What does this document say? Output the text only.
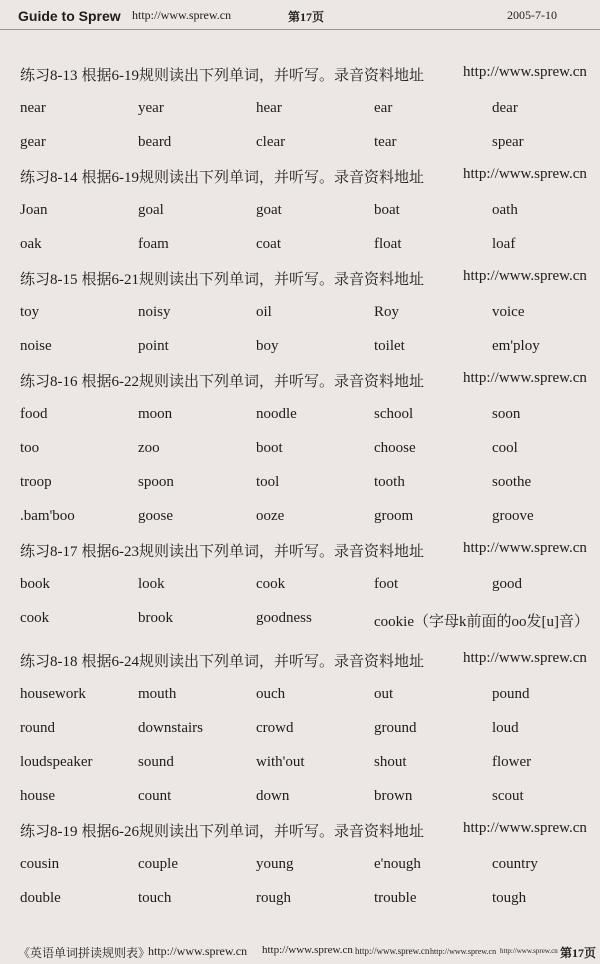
Guide to Sprew http://www.sprew.cn	第17页	2005-7-10
练习8-13 根据6-19规则读出下列单词，并听写。录音资料地址	http://www.sprew.cn
near	year	hear	ear	dear
gear	beard	clear	tear	spear
练习8-14 根据6-19规则读出下列单词，并听写。录音资料地址	http://www.sprew.cn
Joan	goal	goat	boat	oath
oak	foam	coat	float	loaf
练习8-15 根据6-21规则读出下列单词，并听写。录音资料地址	http://www.sprew.cn
toy	noisy	oil	Roy	voice
noise	point	boy	toilet	em'ploy
练习8-16 根据6-22规则读出下列单词，并听写。录音资料地址	http://www.sprew.cn
food	moon	noodle	school	soon
too	zoo	boot	choose	cool
troop	spoon	tool	tooth	soothe
.bam'boo	goose	ooze	groom	groove
练习8-17 根据6-23规则读出下列单词，并听写。录音资料地址	http://www.sprew.cn
book	look	cook	foot	good
cook	brook	goodness	cookie（字母k前面的oo发[u]音）
练习8-18 根据6-24规则读出下列单词，并听写。录音资料地址	http://www.sprew.cn
housework	mouth	ouch	out	pound
round	downstairs	crowd	ground	loud
loudspeaker	sound	with'out	shout	flower
house	count	down	brown	scout
练习8-19 根据6-26规则读出下列单词，并听写。录音资料地址	http://www.sprew.cn
cousin	couple	young	e'nough	country
double	touch	rough	trouble	tough
《英语单词拼读规则表》
http://www.sprew.cn http://www.sprew.cn http://www.sprew.cn http://www.sprew.cn http://www.sprew.cn 第17页
